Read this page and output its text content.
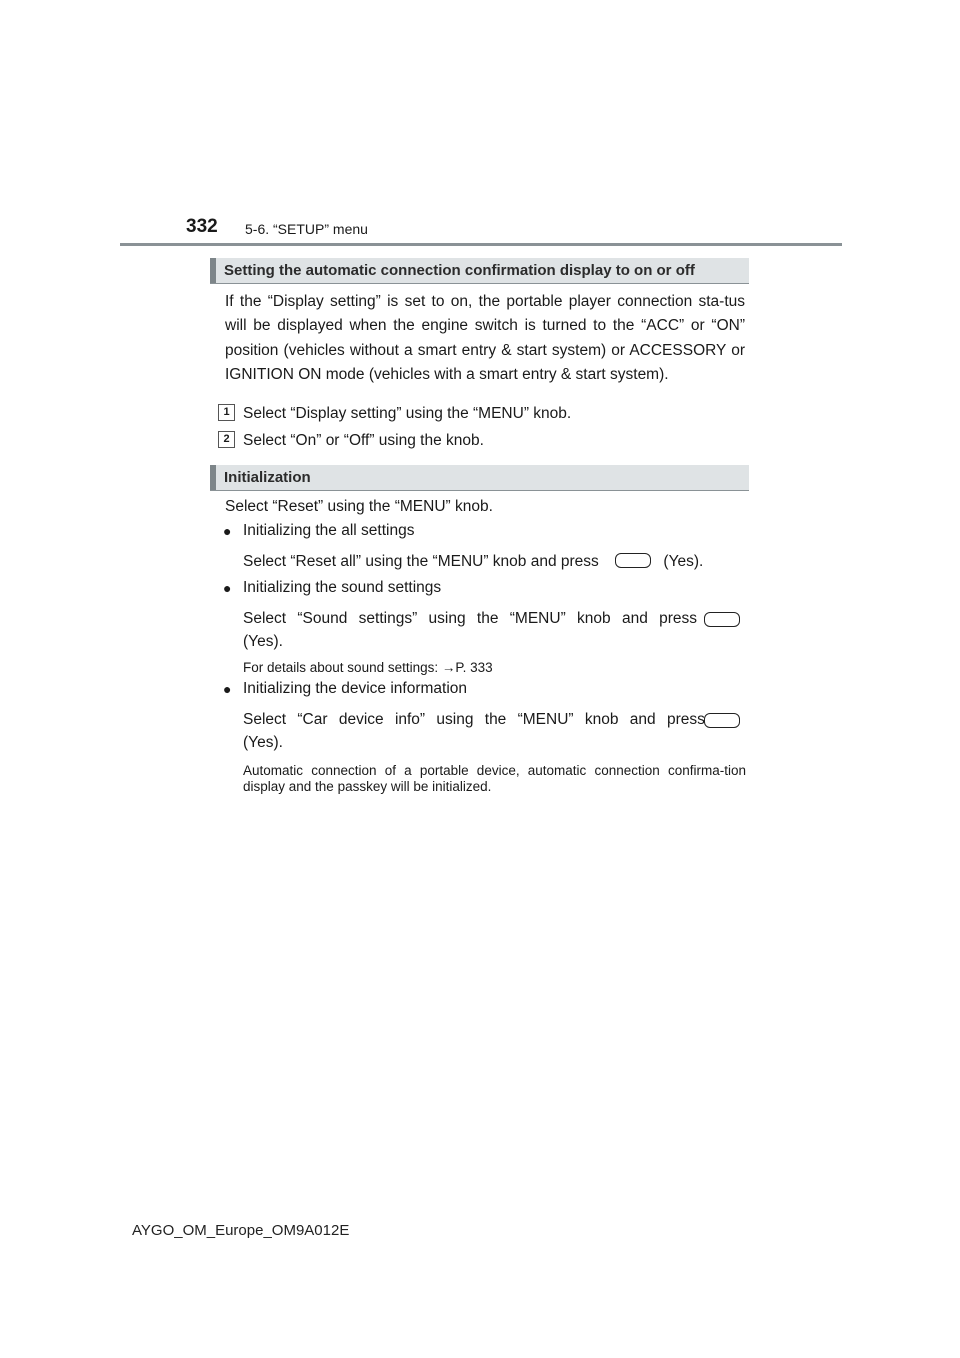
332 5-6. “SETUP” menu
Setting the automatic connection confirmation display to on or off
If the “Display setting” is set to on, the portable player connection sta-tus will be displayed when the engine switch is turned to the “ACC” or “ON” position (vehicles without a smart entry & start system) or ACCESSORY or IGNITION ON mode (vehicles with a smart entry & start system).
1 Select “Display setting” using the “MENU” knob.
2 Select “On” or “Off” using the knob.
Initialization
Select “Reset” using the “MENU” knob.
● Initializing the all settings
Select “Reset all” using the “MENU” knob and press	(Yes).
● Initializing the sound settings
Select “Sound settings” using the “MENU” knob and press
(Yes).
For details about sound settings: →P. 333
● Initializing the device information
Select “Car device info” using the “MENU” knob and press
(Yes).
Automatic connection of a portable device, automatic connection confirma-tion display and the passkey will be initialized.
AYGO_OM_Europe_OM9A012E
